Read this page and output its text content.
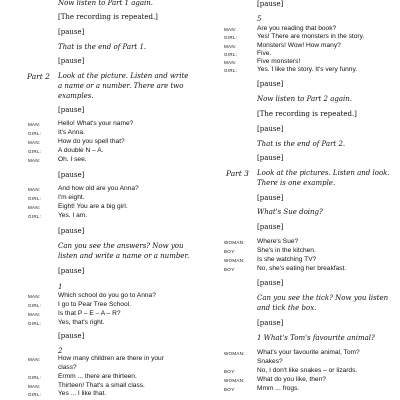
Now listen to Part 1 again.
[The recording is repeated.]
[pause]
That is the end of Part 1.
[pause]
Part 2 Look at the picture. Listen and write
a name or a number. There are two
examples.
[pause]
MAN:	Hello! What's your name?
GIRL:	It's Anna.
MAN:	How do you spell that?
GIRL:	A double N – A.
MAN:	Oh. I see.
[pause]
MAN:	And how old are you Anna?
GIRL:	I'm eight.
MAN:	Eight! You are a big girl.
GIRL:	Yes. I am.
[pause]
Can you see the answers? Now you
listen and write a name or a number.
[pause]
1
MAN:	Which school do you go to Anna?
GIRL:	I go to Pear Tree School.
MAN:	Is that P – E – A – R?
GIRL:	Yes, that's right.
[pause]
2
MAN:	How many children are there in your
class?
GIRL:	Ermm ... there are thirteen.
MAN:	Thirteen! That's a small class.
GIRL:	Yes ... I like that.
[pause]
5
MAN:	Are you reading that book?
GIRL:	Yes! There are monsters in the story.
MAN:	Monsters! Wow! How many?
GIRL:	Five.
MAN:	Five monsters!
GIRL:	Yes. I like the story. It's very funny.
[pause]
Now listen to Part 2 again.
[The recording is repeated.]
[pause]
That is the end of Part 2.
[pause]
Part 3 Look at the pictures. Listen and look.
There is one example.
[pause]
What's Sue doing?
[pause]
WOMAN: Where's Sue?
BOY:	She's in the kitchen.
WOMAN: Is she watching TV?
BOY:	No, she's eating her breakfast.
[pause]
Can you see the tick? Now you listen
and tick the box.
[pause]
1 What's Tom's favourite animal?
WOMAN: What's your favourite animal, Tom?
Snakes?
BOY:	No, I don't like snakes – or lizards.
WOMAN: What do you like, then?
BOY:	Mmm ... frogs.
